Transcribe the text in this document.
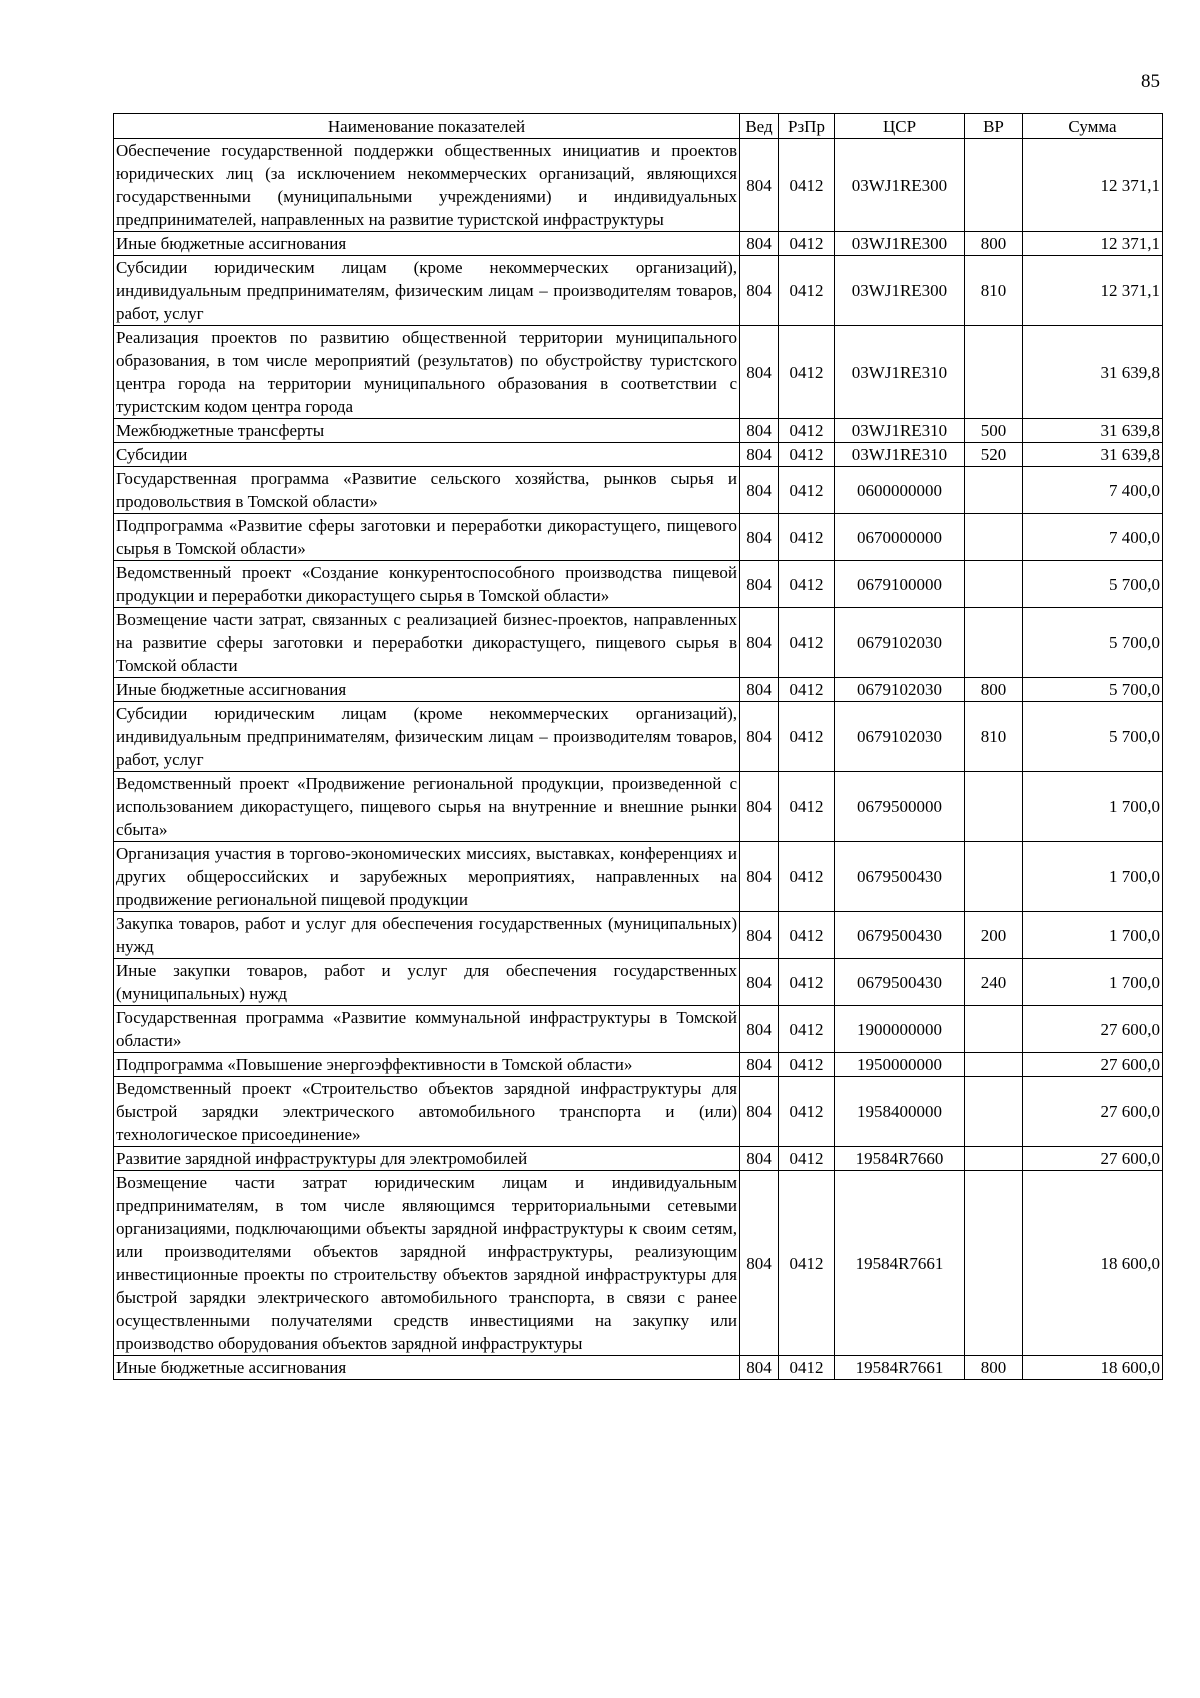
85
Наименование показателей	Вед	РзПр	ЦСР	ВР	Сумма
Обеспечение государственной поддержки общественных инициатив и проектов юридических лиц (за исключением некоммерческих организаций, являющихся государственными (муниципальными учреждениями) и индивидуальных предпринимателей, направленных на развитие туристской инфраструктуры	804	0412	03WJ1RE300		12 371,1
Иные бюджетные ассигнования	804	0412	03WJ1RE300	800	12 371,1
Субсидии юридическим лицам (кроме некоммерческих организаций), индивидуальным предпринимателям, физическим лицам – производителям товаров, работ, услуг	804	0412	03WJ1RE300	810	12 371,1
Реализация проектов по развитию общественной территории муниципального образования, в том числе мероприятий (результатов) по обустройству туристского центра города на территории муниципального образования в соответствии с туристским кодом центра города	804	0412	03WJ1RE310		31 639,8
Межбюджетные трансферты	804	0412	03WJ1RE310	500	31 639,8
Субсидии	804	0412	03WJ1RE310	520	31 639,8
Государственная программа «Развитие сельского хозяйства, рынков сырья и продовольствия в Томской области»	804	0412	0600000000		7 400,0
Подпрограмма «Развитие сферы заготовки и переработки дикорастущего, пищевого сырья в Томской области»	804	0412	0670000000		7 400,0
Ведомственный проект «Создание конкурентоспособного производства пищевой продукции и переработки дикорастущего сырья в Томской области»	804	0412	0679100000		5 700,0
Возмещение части затрат, связанных с реализацией бизнес-проектов, направленных на развитие сферы заготовки и переработки дикорастущего, пищевого сырья в Томской области	804	0412	0679102030		5 700,0
Иные бюджетные ассигнования	804	0412	0679102030	800	5 700,0
Субсидии юридическим лицам (кроме некоммерческих организаций), индивидуальным предпринимателям, физическим лицам – производителям товаров, работ, услуг	804	0412	0679102030	810	5 700,0
Ведомственный проект «Продвижение региональной продукции, произведенной с использованием дикорастущего, пищевого сырья на внутренние и внешние рынки сбыта»	804	0412	0679500000		1 700,0
Организация участия в торгово-экономических миссиях, выставках, конференциях и других общероссийских и зарубежных мероприятиях, направленных на продвижение региональной пищевой продукции	804	0412	0679500430		1 700,0
Закупка товаров, работ и услуг для обеспечения государственных (муниципальных) нужд	804	0412	0679500430	200	1 700,0
Иные закупки товаров, работ и услуг для обеспечения государственных (муниципальных) нужд	804	0412	0679500430	240	1 700,0
Государственная программа «Развитие коммунальной инфраструктуры в Томской области»	804	0412	1900000000		27 600,0
Подпрограмма «Повышение энергоэффективности в Томской области»	804	0412	1950000000		27 600,0
Ведомственный проект «Строительство объектов зарядной инфраструктуры для быстрой зарядки электрического автомобильного транспорта и (или) технологическое присоединение»	804	0412	1958400000		27 600,0
Развитие зарядной инфраструктуры для электромобилей	804	0412	19584R7660		27 600,0
Возмещение части затрат юридическим лицам и индивидуальным предпринимателям, в том числе являющимся территориальными сетевыми организациями, подключающими объекты зарядной инфраструктуры к своим сетям, или производителями объектов зарядной инфраструктуры, реализующим инвестиционные проекты по строительству объектов зарядной инфраструктуры для быстрой зарядки электрического автомобильного транспорта, в связи с ранее осуществленными получателями средств инвестициями на закупку или производство оборудования объектов зарядной инфраструктуры	804	0412	19584R7661		18 600,0
Иные бюджетные ассигнования	804	0412	19584R7661	800	18 600,0
